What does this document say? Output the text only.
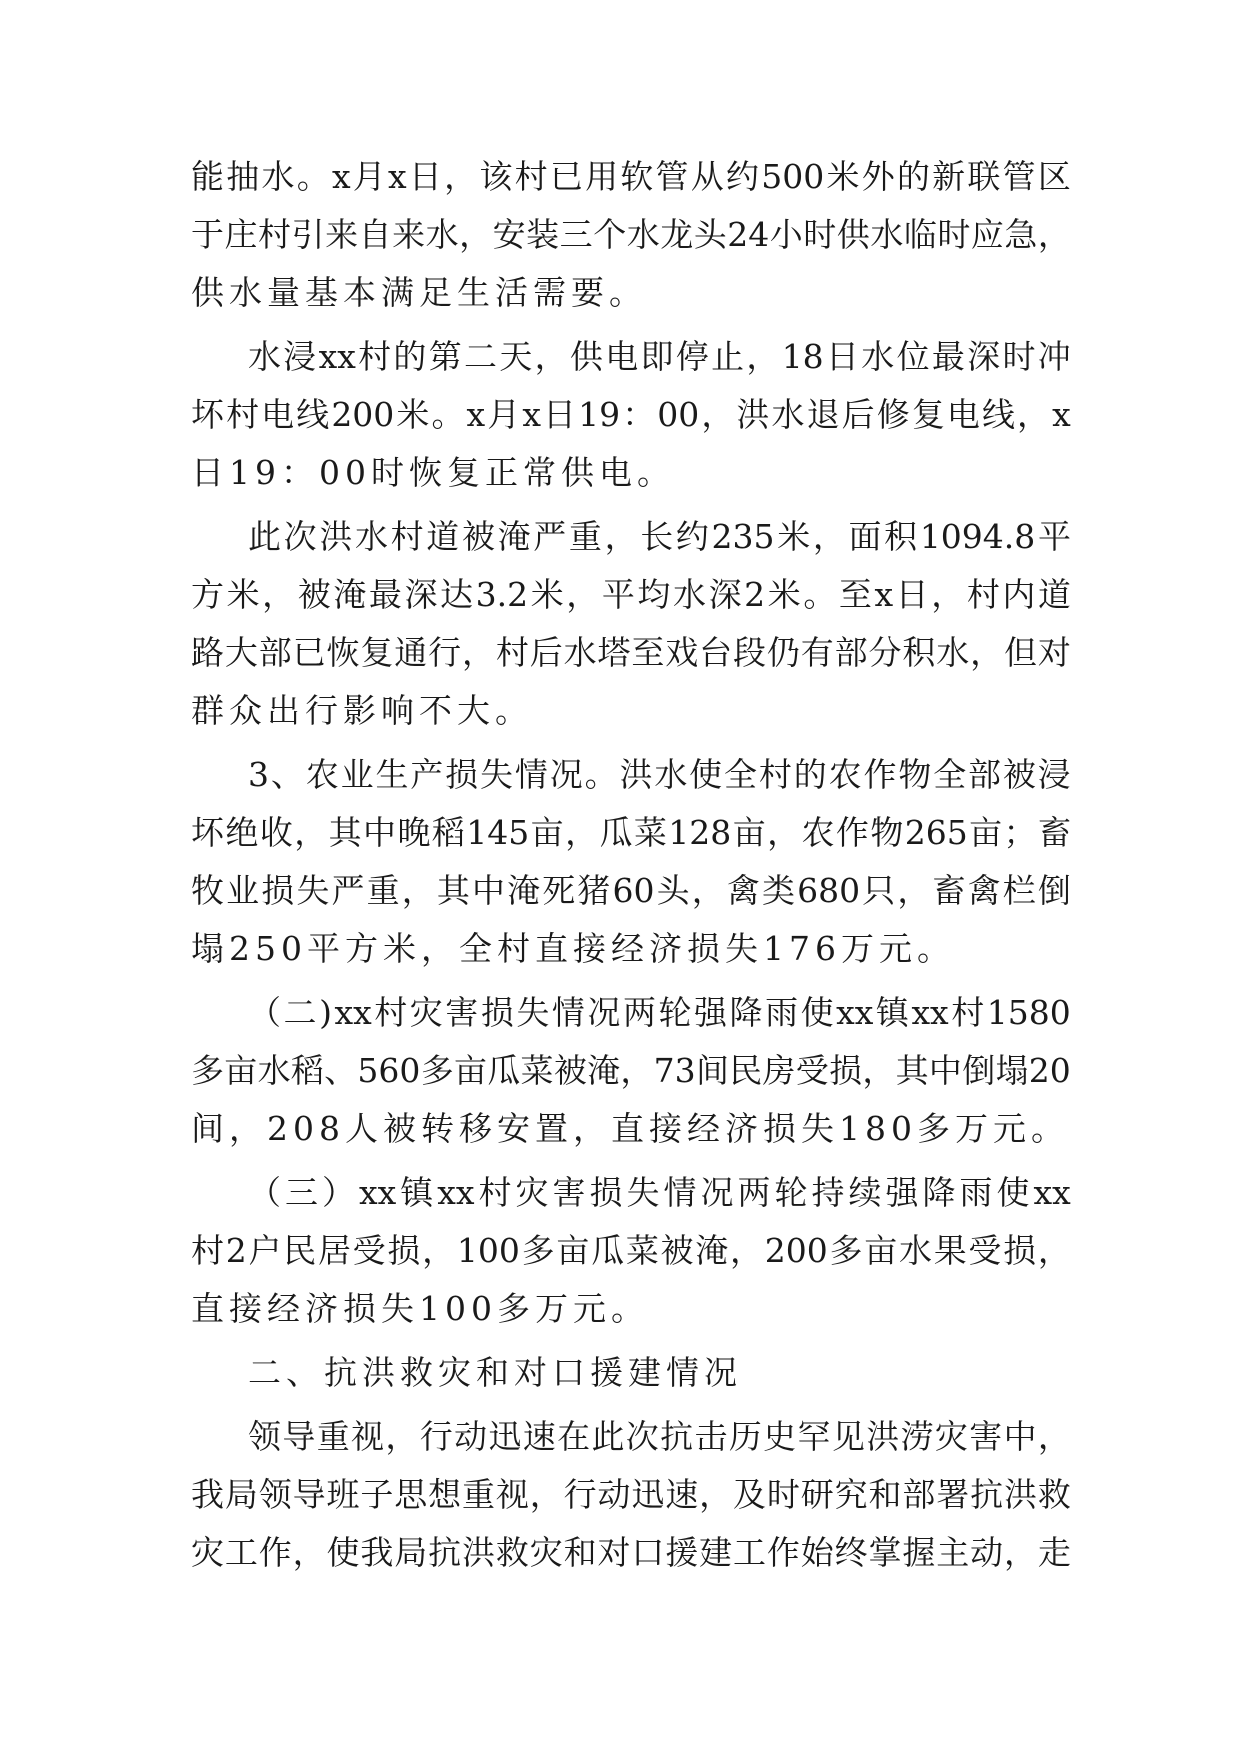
能 抽 水 。 x 月 x 日 ， 该 村 已 用 软 管 从 约 500 米 外 的 新 联 管 区
于 庄 村 引 来 自 来 水 ， 安 装 三 个 水 龙 头 24 小 时 供 水 临 时 应 急 ，
供水量基本满足生活需要。
水 浸 xx 村 的 第 二 天 ， 供 电 即 停 止 ， 18 日 水 位 最 深 时 冲
坏 村 电 线 200 米 。 x 月 x 日 19 ： 00 ， 洪 水 退 后 修 复 电 线 ， x
日19：00时恢复正常供电。
此 次 洪 水 村 道 被 淹 严 重 ， 长 约 235 米 ， 面 积 1094.8 平
方 米 ， 被 淹 最 深 达 3.2 米 ， 平 均 水 深 2 米 。 至 x 日 ， 村 内 道
路 大 部 已 恢 复 通 行 ， 村 后 水 塔 至 戏 台 段 仍 有 部 分 积 水 ， 但 对
群众出行影响不大。
3 、 农 业 生 产 损 失 情 况 。 洪 水 使 全 村 的 农 作 物 全 部 被 浸
坏 绝 收 ， 其 中 晚 稻 145 亩 ， 瓜 菜 128 亩 ， 农 作 物 265 亩 ； 畜
牧 业 损 失 严 重 ， 其 中 淹 死 猪 60 头 ， 禽 类 680 只 ， 畜 禽 栏 倒
塌250平方米，全村直接经济损失176万元。
（ 二 ) xx 村 灾 害 损 失 情 况 两 轮 强 降 雨 使 xx 镇 xx 村 1580
多 亩 水 稻 、 560 多 亩 瓜 菜 被 淹 ， 73 间 民 房 受 损 ， 其 中 倒 塌 20
间，208人被转移安置，直接经济损失180多万元。
（ 三 ） xx 镇 xx 村 灾 害 损 失 情 况 两 轮 持 续 强 降 雨 使 xx
村 2 户 民 居 受 损 ， 100 多 亩 瓜 菜 被 淹 ， 200 多 亩 水 果 受 损 ，
直接经济损失100多万元。
二、抗洪救灾和对口援建情况
领 导 重 视 ， 行 动 迅 速 在 此 次 抗 击 历 史 罕 见 洪 涝 灾 害 中 ，
我 局 领 导 班 子 思 想 重 视 ， 行 动 迅 速 ， 及 时 研 究 和 部 署 抗 洪 救
灾 工 作 ， 使 我 局 抗 洪 救 灾 和 对 口 援 建 工 作 始 终 掌 握 主 动 ， 走
